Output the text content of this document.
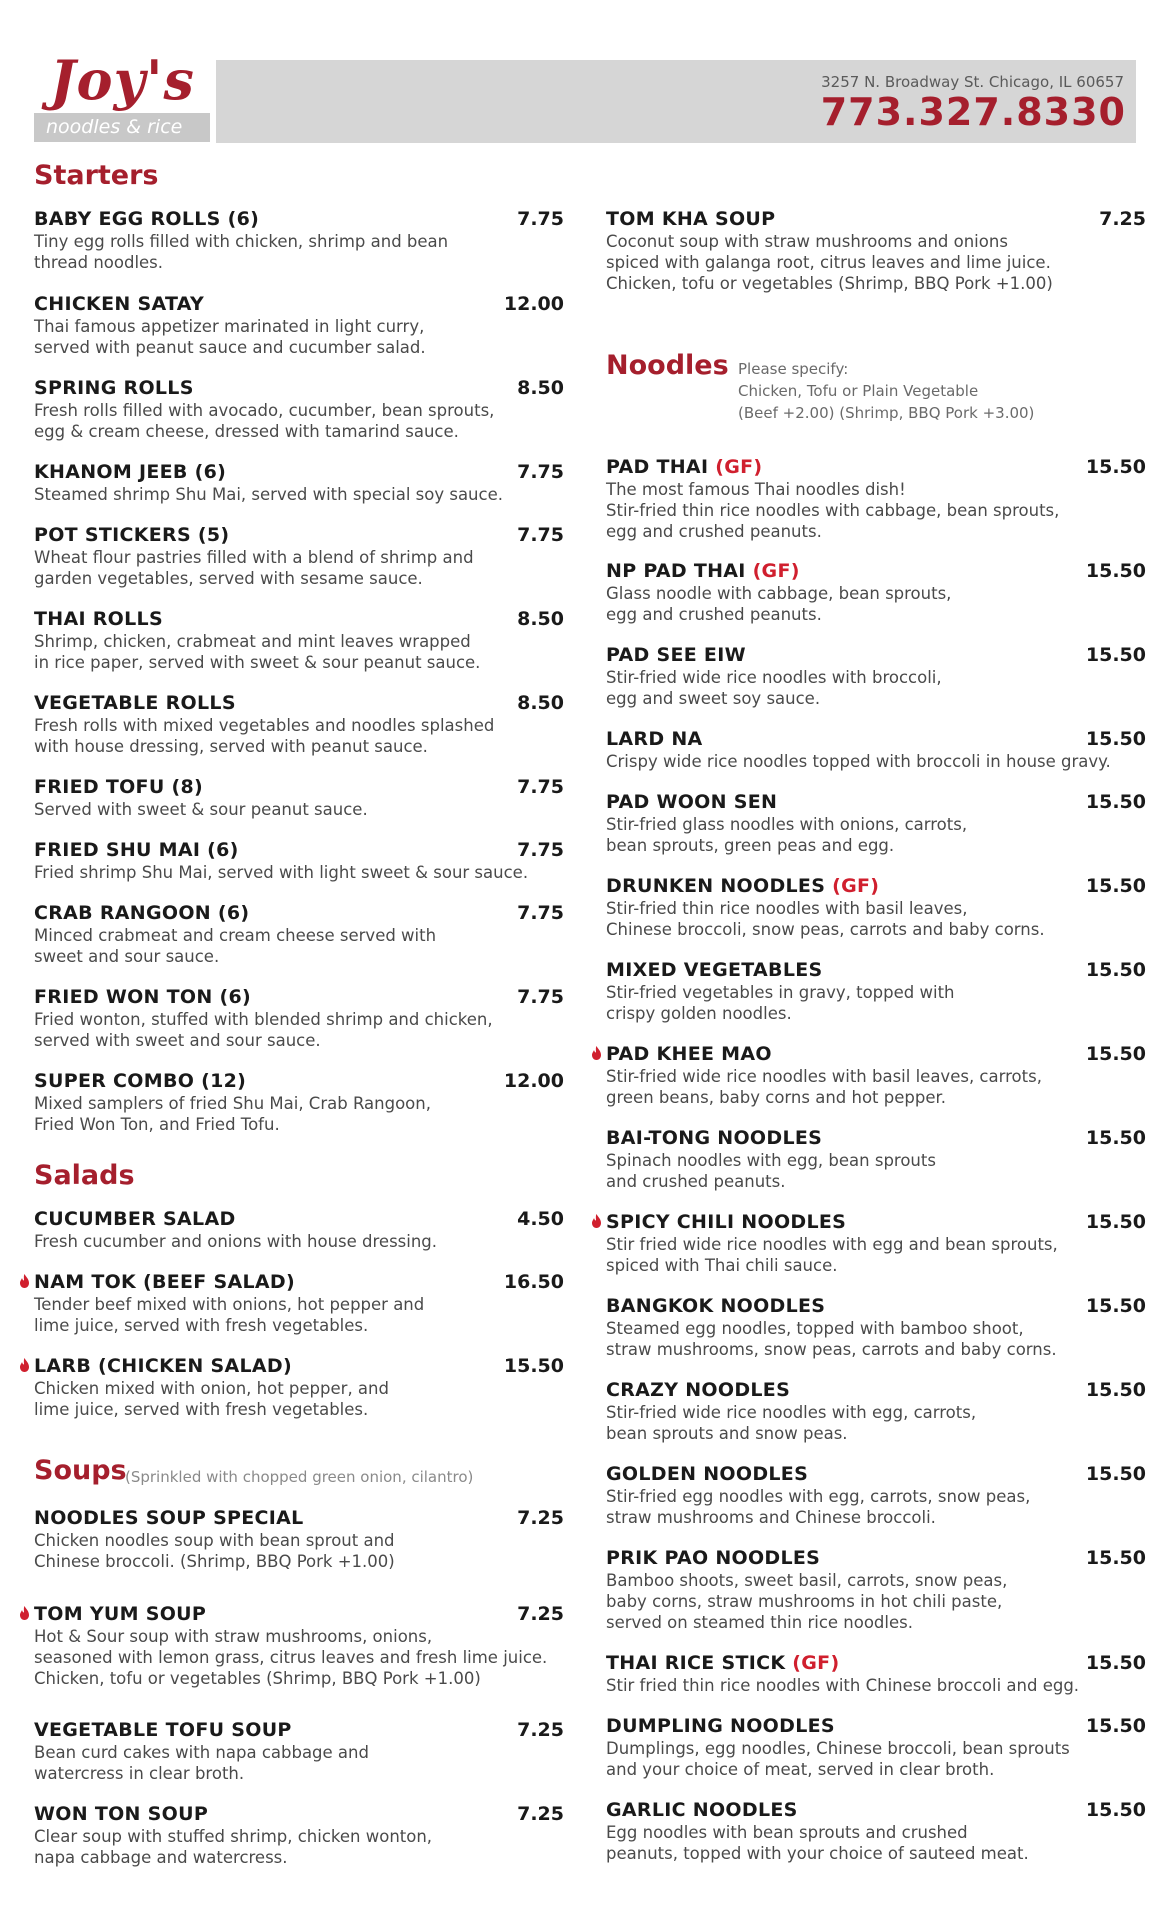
Joy's
noodles & rice
3257 N. Broadway St. Chicago, IL 60657
773.327.8330
Starters
BABY EGG ROLLS (6)	7.75
Tiny egg rolls filled with chicken, shrimp and bean
thread noodles.
CHICKEN SATAY	12.00
Thai famous appetizer marinated in light curry,
served with peanut sauce and cucumber salad.
SPRING ROLLS	8.50
Fresh rolls filled with avocado, cucumber, bean sprouts,
egg & cream cheese, dressed with tamarind sauce.
KHANOM JEEB (6)	7.75
Steamed shrimp Shu Mai, served with special soy sauce.
POT STICKERS (5)	7.75
Wheat flour pastries filled with a blend of shrimp and
garden vegetables, served with sesame sauce.
THAI ROLLS	8.50
Shrimp, chicken, crabmeat and mint leaves wrapped
in rice paper, served with sweet & sour peanut sauce.
VEGETABLE ROLLS	8.50
Fresh rolls with mixed vegetables and noodles splashed
with house dressing, served with peanut sauce.
FRIED TOFU (8)	7.75
Served with sweet & sour peanut sauce.
FRIED SHU MAI (6)	7.75
Fried shrimp Shu Mai, served with light sweet & sour sauce.
CRAB RANGOON (6)	7.75
Minced crabmeat and cream cheese served with
sweet and sour sauce.
FRIED WON TON (6)	7.75
Fried wonton, stuffed with blended shrimp and chicken,
served with sweet and sour sauce.
SUPER COMBO (12)	12.00
Mixed samplers of fried Shu Mai, Crab Rangoon,
Fried Won Ton, and Fried Tofu.
Salads
CUCUMBER SALAD	4.50
Fresh cucumber and onions with house dressing.
NAM TOK (BEEF SALAD)	16.50
Tender beef mixed with onions, hot pepper and
lime juice, served with fresh vegetables.
LARB (CHICKEN SALAD)	15.50
Chicken mixed with onion, hot pepper, and
lime juice, served with fresh vegetables.
Soups
(Sprinkled with chopped green onion, cilantro)
NOODLES SOUP SPECIAL	7.25
Chicken noodles soup with bean sprout and
Chinese broccoli. (Shrimp, BBQ Pork +1.00)
TOM YUM SOUP	7.25
Hot & Sour soup with straw mushrooms, onions,
seasoned with lemon grass, citrus leaves and fresh lime juice.
Chicken, tofu or vegetables (Shrimp, BBQ Pork +1.00)
VEGETABLE TOFU SOUP	7.25
Bean curd cakes with napa cabbage and
watercress in clear broth.
WON TON SOUP	7.25
Clear soup with stuffed shrimp, chicken wonton,
napa cabbage and watercress.
TOM KHA SOUP	7.25
Coconut soup with straw mushrooms and onions
spiced with galanga root, citrus leaves and lime juice.
Chicken, tofu or vegetables (Shrimp, BBQ Pork +1.00)
Noodles Please specify:
Chicken, Tofu or Plain Vegetable
(Beef +2.00) (Shrimp, BBQ Pork +3.00)
PAD THAI (GF)	15.50
The most famous Thai noodles dish!
Stir-fried thin rice noodles with cabbage, bean sprouts,
egg and crushed peanuts.
NP PAD THAI (GF)	15.50
Glass noodle with cabbage, bean sprouts,
egg and crushed peanuts.
PAD SEE EIW	15.50
Stir-fried wide rice noodles with broccoli,
egg and sweet soy sauce.
LARD NA	15.50
Crispy wide rice noodles topped with broccoli in house gravy.
PAD WOON SEN	15.50
Stir-fried glass noodles with onions, carrots,
bean sprouts, green peas and egg.
DRUNKEN NOODLES (GF)	15.50
Stir-fried thin rice noodles with basil leaves,
Chinese broccoli, snow peas, carrots and baby corns.
MIXED VEGETABLES	15.50
Stir-fried vegetables in gravy, topped with
crispy golden noodles.
PAD KHEE MAO	15.50
Stir-fried wide rice noodles with basil leaves, carrots,
green beans, baby corns and hot pepper.
BAI-TONG NOODLES	15.50
Spinach noodles with egg, bean sprouts
and crushed peanuts.
SPICY CHILI NOODLES	15.50
Stir fried wide rice noodles with egg and bean sprouts,
spiced with Thai chili sauce.
BANGKOK NOODLES	15.50
Steamed egg noodles, topped with bamboo shoot,
straw mushrooms, snow peas, carrots and baby corns.
CRAZY NOODLES	15.50
Stir-fried wide rice noodles with egg, carrots,
bean sprouts and snow peas.
GOLDEN NOODLES	15.50
Stir-fried egg noodles with egg, carrots, snow peas,
straw mushrooms and Chinese broccoli.
PRIK PAO NOODLES	15.50
Bamboo shoots, sweet basil, carrots, snow peas,
baby corns, straw mushrooms in hot chili paste,
served on steamed thin rice noodles.
THAI RICE STICK (GF)	15.50
Stir fried thin rice noodles with Chinese broccoli and egg.
DUMPLING NOODLES	15.50
Dumplings, egg noodles, Chinese broccoli, bean sprouts
and your choice of meat, served in clear broth.
GARLIC NOODLES	15.50
Egg noodles with bean sprouts and crushed
peanuts, topped with your choice of sauteed meat.
